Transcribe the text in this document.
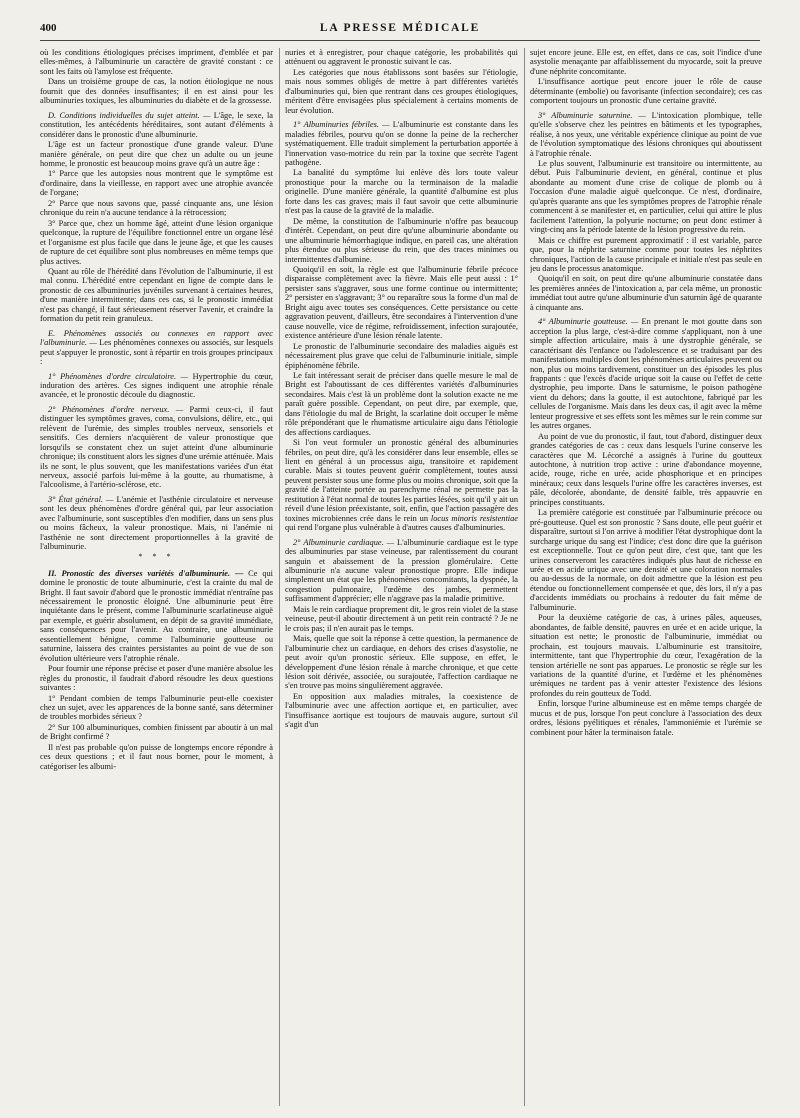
400	LA PRESSE MÉDICALE

où les conditions étiologiques précises impriment, d'emblée et par elles-mêmes, à l'albuminurie un caractère de gravité constant : ce sont les faits où l'amylose est fréquente.

Dans un troisième groupe de cas, la notion étiologique ne nous fournit que des données insuffisantes; il en est ainsi pour les albuminuries toxiques, les albuminuries du diabète et de la grossesse.

D. Conditions individuelles du sujet atteint. — L'âge, le sexe, la constitution, les antécédents héréditaires, sont autant d'éléments à considérer dans le pronostic d'une albuminurie.

L'âge est un facteur pronostique d'une grande valeur. D'une manière générale, on peut dire que chez un adulte ou un jeune homme, le pronostic est beaucoup moins grave qu'à un autre âge :

1° Parce que les autopsies nous montrent que le symptôme est d'ordinaire, dans la vieillesse, en rapport avec une atrophie avancée de l'organe;

2° Parce que nous savons que, passé cinquante ans, une lésion chronique du rein n'a aucune tendance à la rétrocession;

3° Parce que, chez un homme âgé, atteint d'une lésion organique quelconque, la rupture de l'équilibre fonctionnel entre un organe lésé et l'organisme est plus facile que dans le jeune âge, et que les causes de rupture de cet équilibre sont plus nombreuses en même temps que plus actives.

Quant au rôle de l'hérédité dans l'évolution de l'albuminurie, il est mal connu. L'hérédité entre cependant en ligne de compte dans le pronostic de ces albuminuries juvéniles survenant à certaines heures, d'une manière intermittente; dans ces cas, si le pronostic immédiat n'est pas changé, il faut sérieusement réserver l'avenir, et craindre la formation du petit rein granuleux.

E. Phénomènes associés ou connexes en rapport avec l'albuminurie. — Les phénomènes connexes ou associés, sur lesquels peut s'appuyer le pronostic, sont à répartir en trois groupes principaux :

1° Phénomènes d'ordre circulatoire. — Hypertrophie du cœur, induration des artères. Ces signes indiquent une atrophie rénale avancée, et le pronostic découle du diagnostic.

2° Phénomènes d'ordre nerveux. — Parmi ceux-ci, il faut distinguer les symptômes graves, coma, convulsions, délire, etc., qui relèvent de l'urémie, des simples troubles nerveux, sensoriels et sensitifs. Ces derniers n'acquièrent de valeur pronostique que lorsqu'ils se constatent chez un sujet atteint d'une albuminurie chronique; ils constituent alors les signes d'une urémie atténuée. Mais ils ne sont, le plus souvent, que les manifestations variées d'un état nerveux, associé parfois lui-même à la goutte, au rhumatisme, à l'alcoolisme, à l'artério-sclérose, etc.

3° État général. — L'anémie et l'asthénie circulatoire et nerveuse sont les deux phénomènes d'ordre général qui, par leur association avec l'albuminurie, sont susceptibles d'en modifier, dans un sens plus ou moins fâcheux, la valeur pronostique. Mais, ni l'anémie ni l'asthénie ne sont directement proportionnelles à la gravité de l'albuminurie.

* * *

II. Pronostic des diverses variétés d'albuminurie. — Ce qui domine le pronostic de toute albuminurie, c'est la crainte du mal de Bright. Il faut savoir d'abord que le pronostic immédiat n'entraîne pas nécessairement le pronostic éloigné. Une albuminurie peut être inquiétante dans le présent, comme l'albuminurie scarlatineuse aiguë par exemple, et guérir absolument, en dépit de sa gravité immédiate, sans conséquences pour l'avenir. Au contraire, une albuminurie essentiellement bénigne, comme l'albuminurie goutteuse ou saturnine, laissera des craintes persistantes au point de vue de son évolution ultérieure vers l'atrophie rénale.

Pour fournir une réponse précise et poser d'une manière absolue les règles du pronostic, il faudrait d'abord résoudre les deux questions suivantes :

1° Pendant combien de temps l'albuminurie peut-elle coexister chez un sujet, avec les apparences de la bonne santé, sans déterminer de troubles morbides sérieux ?

2° Sur 100 albuminuriques, combien finissent par aboutir à un mal de Bright confirmé ?

Il n'est pas probable qu'on puisse de longtemps encore répondre à ces deux questions ; et il faut nous borner, pour le moment, à catégoriser les albumi-

nuries et à enregistrer, pour chaque catégorie, les probabilités qui atténuent ou aggravent le pronostic suivant le cas.

Les catégories que nous établissons sont basées sur l'étiologie, mais nous sommes obligés de mettre à part différentes variétés d'albuminuries qui, bien que rentrant dans ces groupes étiologiques, méritent d'être envisagées plus spécialement à certains moments de leur évolution.

1° Albuminuries fébriles. — L'albuminurie est constante dans les maladies fébriles, pourvu qu'on se donne la peine de la rechercher systématiquement. Elle traduit simplement la perturbation apportée à l'innervation vaso-motrice du rein par la toxine que secrète l'agent pathogène.

La banalité du symptôme lui enlève dès lors toute valeur pronostique pour la marche ou la terminaison de la maladie originelle. D'une manière générale, la quantité d'albumine est plus forte dans les cas graves; mais il faut savoir que cette albuminurie n'est pas la cause de la gravité de la maladie.

De même, la constitution de l'albuminurie n'offre pas beaucoup d'intérêt. Cependant, on peut dire qu'une albuminurie abondante ou une albuminurie hémorrhagique indique, en pareil cas, une altération plus étendue ou plus sérieuse du rein, que des traces minimes ou intermittentes d'albumine.

Quoiqu'il en soit, la règle est que l'albuminurie fébrile précoce disparaisse complètement avec la fièvre. Mais elle peut aussi : 1° persister sans s'aggraver, sous une forme continue ou intermittente; 2° persister en s'aggravant; 3° ou reparaître sous la forme d'un mal de Bright aigu avec toutes ses conséquences. Cette persistance ou cette aggravation peuvent, d'ailleurs, être secondaires à l'intervention d'une cause nouvelle, vice de régime, refroidissement, infection surajoutée, existence antérieure d'une lésion rénale latente.

Le pronostic de l'albuminurie secondaire des maladies aiguës est nécessairement plus grave que celui de l'albuminurie initiale, simple épiphénomène fébrile.

Le fait intéressant serait de préciser dans quelle mesure le mal de Bright est l'aboutissant de ces différentes variétés d'albuminuries secondaires. Mais c'est là un problème dont la solution exacte ne me paraît guère possible. Cependant, on peut dire, par exemple, que, dans l'étiologie du mal de Bright, la scarlatine doit occuper le même rôle prépondérant que le rhumatisme articulaire aigu dans l'étiologie des affections cardiaques.

Si l'on veut formuler un pronostic général des albuminuries fébriles, on peut dire, qu'à les considérer dans leur ensemble, elles se lient en général à un processus aigu, transitoire et rapidement curable. Mais si toutes peuvent guérir complètement, toutes aussi peuvent persister sous une forme plus ou moins chronique, soit que la gravité de l'atteinte portée au parenchyme rénal ne permette pas la restitution à l'état normal de toutes les parties lésées, soit qu'il y ait un réveil d'une lésion préexistante, soit, enfin, que l'action passagère des toxines microbiennes crée dans le rein un locus minoris resistentiae qui rend l'organe plus vulnérable à d'autres causes d'albuminuries.

2° Albuminurie cardiaque. — L'albuminurie cardiaque est le type des albuminuries par stase veineuse, par ralentissement du courant sanguin et abaissement de la pression glomérulaire. Cette albuminurie n'a aucune valeur pronostique propre. Elle indique simplement un état que les phénomènes concomitants, la dyspnée, la congestion pulmonaire, l'œdème des jambes, permettent suffisamment d'apprécier; elle n'aggrave pas la maladie primitive.

Mais le rein cardiaque proprement dit, le gros rein violet de la stase veineuse, peut-il aboutir directement à un petit rein contracté ? Je ne le crois pas; il n'en aurait pas le temps.

Mais, quelle que soit la réponse à cette question, la permanence de l'albuminurie chez un cardiaque, en dehors des crises d'asystolie, ne peut avoir qu'un pronostic sérieux. Elle suppose, en effet, le développement d'une lésion rénale à marche chronique, et que cette lésion soit dérivée, associée, ou surajoutée, l'affection cardiaque ne s'en trouve pas moins singulièrement aggravée.

En opposition aux maladies mitrales, la coexistence de l'albuminurie avec une affection aortique et, en particulier, avec l'insuffisance aortique est toujours de mauvais augure, surtout s'il s'agit d'un

sujet encore jeune. Elle est, en effet, dans ce cas, soit l'indice d'une asystolie menaçante par affaiblissement du myocarde, soit la preuve d'une néphrite concomitante.

L'insuffisance aortique peut encore jouer le rôle de cause déterminante (embolie) ou favorisante (infection secondaire); ces cas comportent toujours un pronostic d'une certaine gravité.

3° Albuminurie saturnine. — L'intoxication plombique, telle qu'elle s'observe chez les peintres en bâtiments et les typographes, réalise, à nos yeux, une véritable expérience clinique au point de vue de l'évolution symptomatique des lésions chroniques qui aboutissent à l'atrophie rénale.

Le plus souvent, l'albuminurie est transitoire ou intermittente, au début. Puis l'albuminurie devient, en général, continue et plus abondante au moment d'une crise de colique de plomb ou à l'occasion d'une maladie aiguë quelconque. Ce n'est, d'ordinaire, qu'après quarante ans que les symptômes propres de l'atrophie rénale commencent à se manifester et, en particulier, celui qui attire le plus facilement l'attention, la polyurie nocturne; on peut donc estimer à vingt-cinq ans la période latente de la lésion progressive du rein.

Mais ce chiffre est purement approximatif : il est variable, parce que, pour la néphrite saturnine comme pour toutes les néphrites chroniques, l'action de la cause principale et initiale n'est pas seule en jeu dans le processus anatomique.

Quoiqu'il en soit, on peut dire qu'une albuminurie constatée dans les premières années de l'intoxication a, par cela même, un pronostic immédiat tout autre qu'une albuminurie d'un saturnin âgé de quarante à cinquante ans.

4° Albuminurie goutteuse. — En prenant le mot goutte dans son acception la plus large, c'est-à-dire comme s'appliquant, non à une simple affection articulaire, mais à une dystrophie générale, se caractérisant dès l'enfance ou l'adolescence et se traduisant par des manifestations multiples dont les phénomènes articulaires peuvent ou non, plus ou moins tardivement, constituer un des épisodes les plus frappants : que l'excès d'acide urique soit la cause ou l'effet de cette dystrophie, peu importe. Dans le saturnisme, le poison pathogène vient du dehors; dans la goutte, il est autochtone, fabriqué par les cellules de l'organisme. Mais dans les deux cas, il agit avec la même lenteur progressive et ses effets sont les mêmes sur le rein comme sur les autres organes.

Au point de vue du pronostic, il faut, tout d'abord, distinguer deux grandes catégories de cas : ceux dans lesquels l'urine conserve les caractères que M. Lécorché a assignés à l'urine du goutteux autochtone, à nutrition trop active : urine d'abondance moyenne, acide, rouge, riche en urée, acide phosphorique et en principes minéraux; ceux dans lesquels l'urine offre les caractères inverses, est pâle, décolorée, abondante, de densité faible, très appauvrie en principes constituants.

La première catégorie est constituée par l'albuminurie précoce ou pré-goutteuse. Quel est son pronostic ? Sans doute, elle peut guérir et disparaître, surtout si l'on arrive à modifier l'état dystrophique dont la surcharge urique du sang est l'indice; c'est donc dire que la guérison est exceptionnelle. Tout ce qu'on peut dire, c'est que, tant que les urines conserveront les caractères indiqués plus haut de richesse en urée et en acide urique avec une densité et une coloration normales ou au-dessus de la normale, on doit admettre que la lésion est peu étendue ou fonctionnellement compensée et que, dès lors, il n'y a pas d'accidents immédiats ou prochains à redouter du fait même de l'albuminurie.

Pour la deuxième catégorie de cas, à urines pâles, aqueuses, abondantes, de faible densité, pauvres en urée et en acide urique, la situation est nette; le pronostic de l'albuminurie, immédiat ou prochain, est toujours mauvais. L'albuminurie est transitoire, intermittente, tant que l'hypertrophie du cœur, l'exagération de la tension artérielle ne sont pas apparues. Le pronostic se règle sur les variations de la quantité d'urine, et l'œdème et les phénomènes urémiques ne tardent pas à venir attester l'existence des lésions profondes du rein goutteux de Todd.

Enfin, lorsque l'urine albumineuse est en même temps chargée de mucus et de pus, lorsque l'on peut conclure à l'association des deux ordres, lésions pyélitiques et rénales, l'ammoniémie et l'urémie se combinent pour hâter la terminaison fatale.
